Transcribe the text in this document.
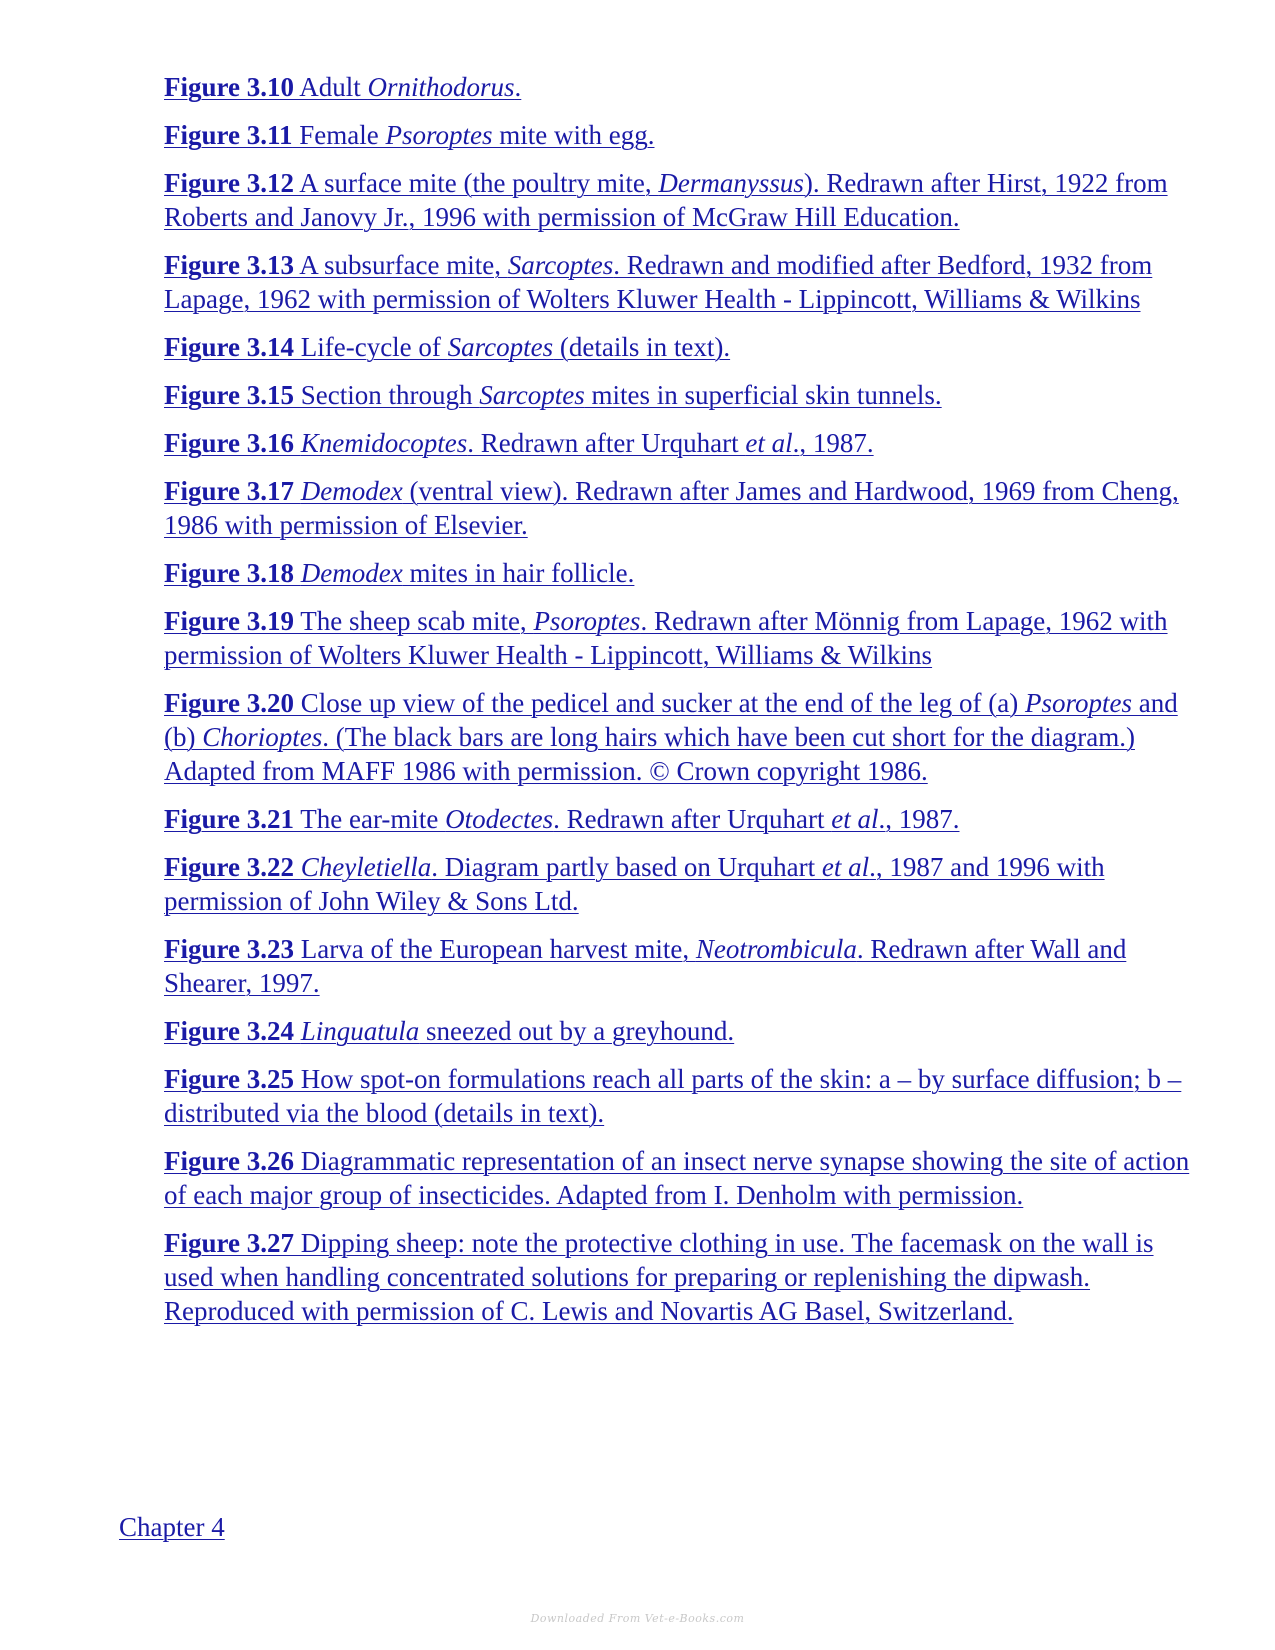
Figure 3.10 Adult Ornithodorus.
Figure 3.11 Female Psoroptes mite with egg.
Figure 3.12 A surface mite (the poultry mite, Dermanyssus). Redrawn after Hirst, 1922 from Roberts and Janovy Jr., 1996 with permission of McGraw Hill Education.
Figure 3.13 A subsurface mite, Sarcoptes. Redrawn and modified after Bedford, 1932 from Lapage, 1962 with permission of Wolters Kluwer Health - Lippincott, Williams & Wilkins
Figure 3.14 Life-cycle of Sarcoptes (details in text).
Figure 3.15 Section through Sarcoptes mites in superficial skin tunnels.
Figure 3.16 Knemidocoptes. Redrawn after Urquhart et al., 1987.
Figure 3.17 Demodex (ventral view). Redrawn after James and Hardwood, 1969 from Cheng, 1986 with permission of Elsevier.
Figure 3.18 Demodex mites in hair follicle.
Figure 3.19 The sheep scab mite, Psoroptes. Redrawn after Mönnig from Lapage, 1962 with permission of Wolters Kluwer Health - Lippincott, Williams & Wilkins
Figure 3.20 Close up view of the pedicel and sucker at the end of the leg of (a) Psoroptes and (b) Chorioptes. (The black bars are long hairs which have been cut short for the diagram.) Adapted from MAFF 1986 with permission. © Crown copyright 1986.
Figure 3.21 The ear-mite Otodectes. Redrawn after Urquhart et al., 1987.
Figure 3.22 Cheyletiella. Diagram partly based on Urquhart et al., 1987 and 1996 with permission of John Wiley & Sons Ltd.
Figure 3.23 Larva of the European harvest mite, Neotrombicula. Redrawn after Wall and Shearer, 1997.
Figure 3.24 Linguatula sneezed out by a greyhound.
Figure 3.25 How spot-on formulations reach all parts of the skin: a – by surface diffusion; b – distributed via the blood (details in text).
Figure 3.26 Diagrammatic representation of an insect nerve synapse showing the site of action of each major group of insecticides. Adapted from I. Denholm with permission.
Figure 3.27 Dipping sheep: note the protective clothing in use. The facemask on the wall is used when handling concentrated solutions for preparing or replenishing the dipwash. Reproduced with permission of C. Lewis and Novartis AG Basel, Switzerland.
Chapter 4
Downloaded From Vet-e-Books.com
